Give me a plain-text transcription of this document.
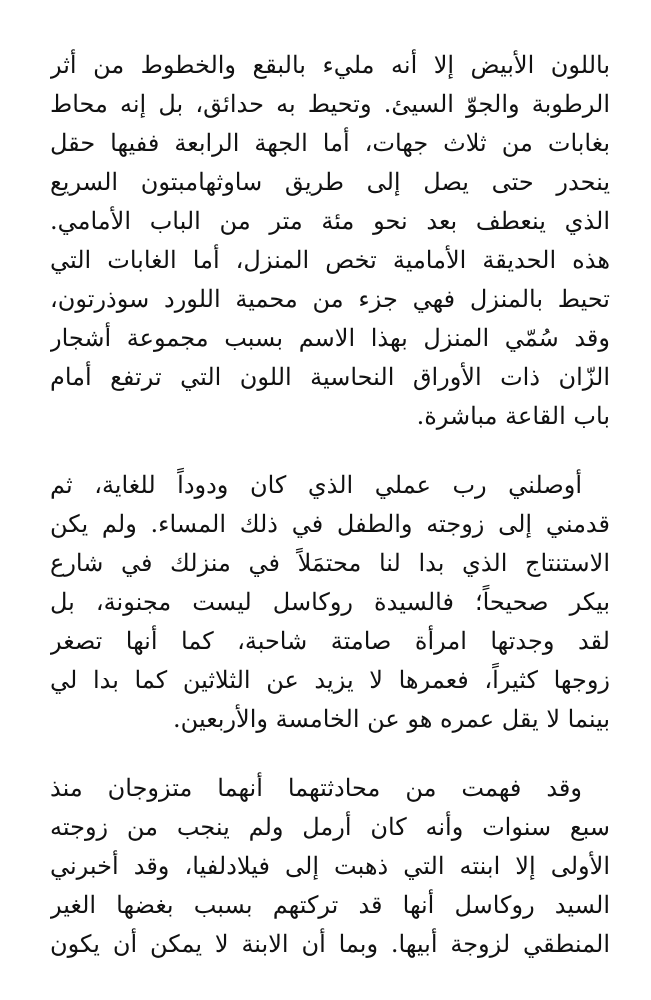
باللون الأبيض إلا أنه مليء بالبقع والخطوط من أثر
الرطوبة والجوّ السيئ. وتحيط به حدائق، بل إنه محاط
بغابات من ثلاث جهات، أما الجهة الرابعة ففيها حقل
ينحدر حتى يصل إلى طريق ساوثهامبتون السريع
الذي ينعطف بعد نحو مئة متر من الباب الأمامي.
هذه الحديقة الأمامية تخص المنزل، أما الغابات التي
تحيط بالمنزل فهي جزء من محمية اللورد سوذرتون،
وقد سُمّي المنزل بهذا الاسم بسبب مجموعة أشجار
الزّان ذات الأوراق النحاسية اللون التي ترتفع أمام
باب القاعة مباشرة.
أوصلني رب عملي الذي كان ودوداً للغاية، ثم
قدمني إلى زوجته والطفل في ذلك المساء. ولم يكن
الاستنتاج الذي بدا لنا محتمَلاً في منزلك في شارع
بيكر صحيحاً؛ فالسيدة روكاسل ليست مجنونة، بل
لقد وجدتها امرأة صامتة شاحبة، كما أنها تصغر
زوجها كثيراً، فعمرها لا يزيد عن الثلاثين كما بدا لي
بينما لا يقل عمره هو عن الخامسة والأربعين.
وقد فهمت من محادثتهما أنهما متزوجان منذ
سبع سنوات وأنه كان أرمل ولم ينجب من زوجته
الأولى إلا ابنته التي ذهبت إلى فيلادلفيا، وقد أخبرني
السيد روكاسل أنها قد تركتهم بسبب بغضها الغير
المنطقي لزوجة أبيها. وبما أن الابنة لا يمكن أن يكون
